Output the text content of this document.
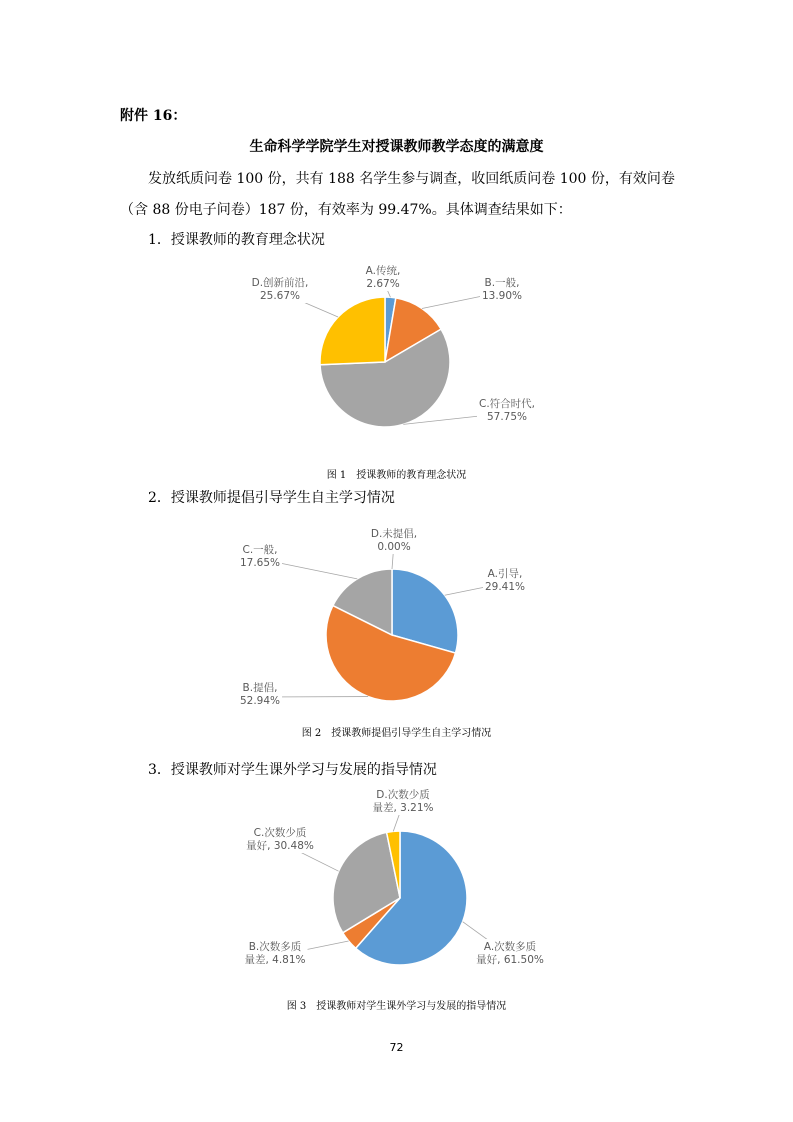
附件 16：
生命科学学院学生对授课教师教学态度的满意度
发放纸质问卷 100 份，共有 188 名学生参与调查，收回纸质问卷 100 份，有效问卷（含 88 份电子问卷）187 份，有效率为 99.47%。具体调查结果如下：
1．授课教师的教育理念状况
A.传统, 2.67%	B.一般, 13.90%
C.符合时代, 57.75%
D.创新前沿, 25.67%
图 1　授课教师的教育理念状况
2．授课教师提倡引导学生自主学习情况
A.引导, 29.41%
B.提倡, 52.94%
C.一般, 17.65%
D.未提倡, 0.00%
图 2　授课教师提倡引导学生自主学习情况
3．授课教师对学生课外学习与发展的指导情况
A.次数多质量好, 61.50%
B.次数多质量差, 4.81%
C.次数少质量好, 30.48%
D.次数少质量差, 3.21%
图 3　授课教师对学生课外学习与发展的指导情况
72
